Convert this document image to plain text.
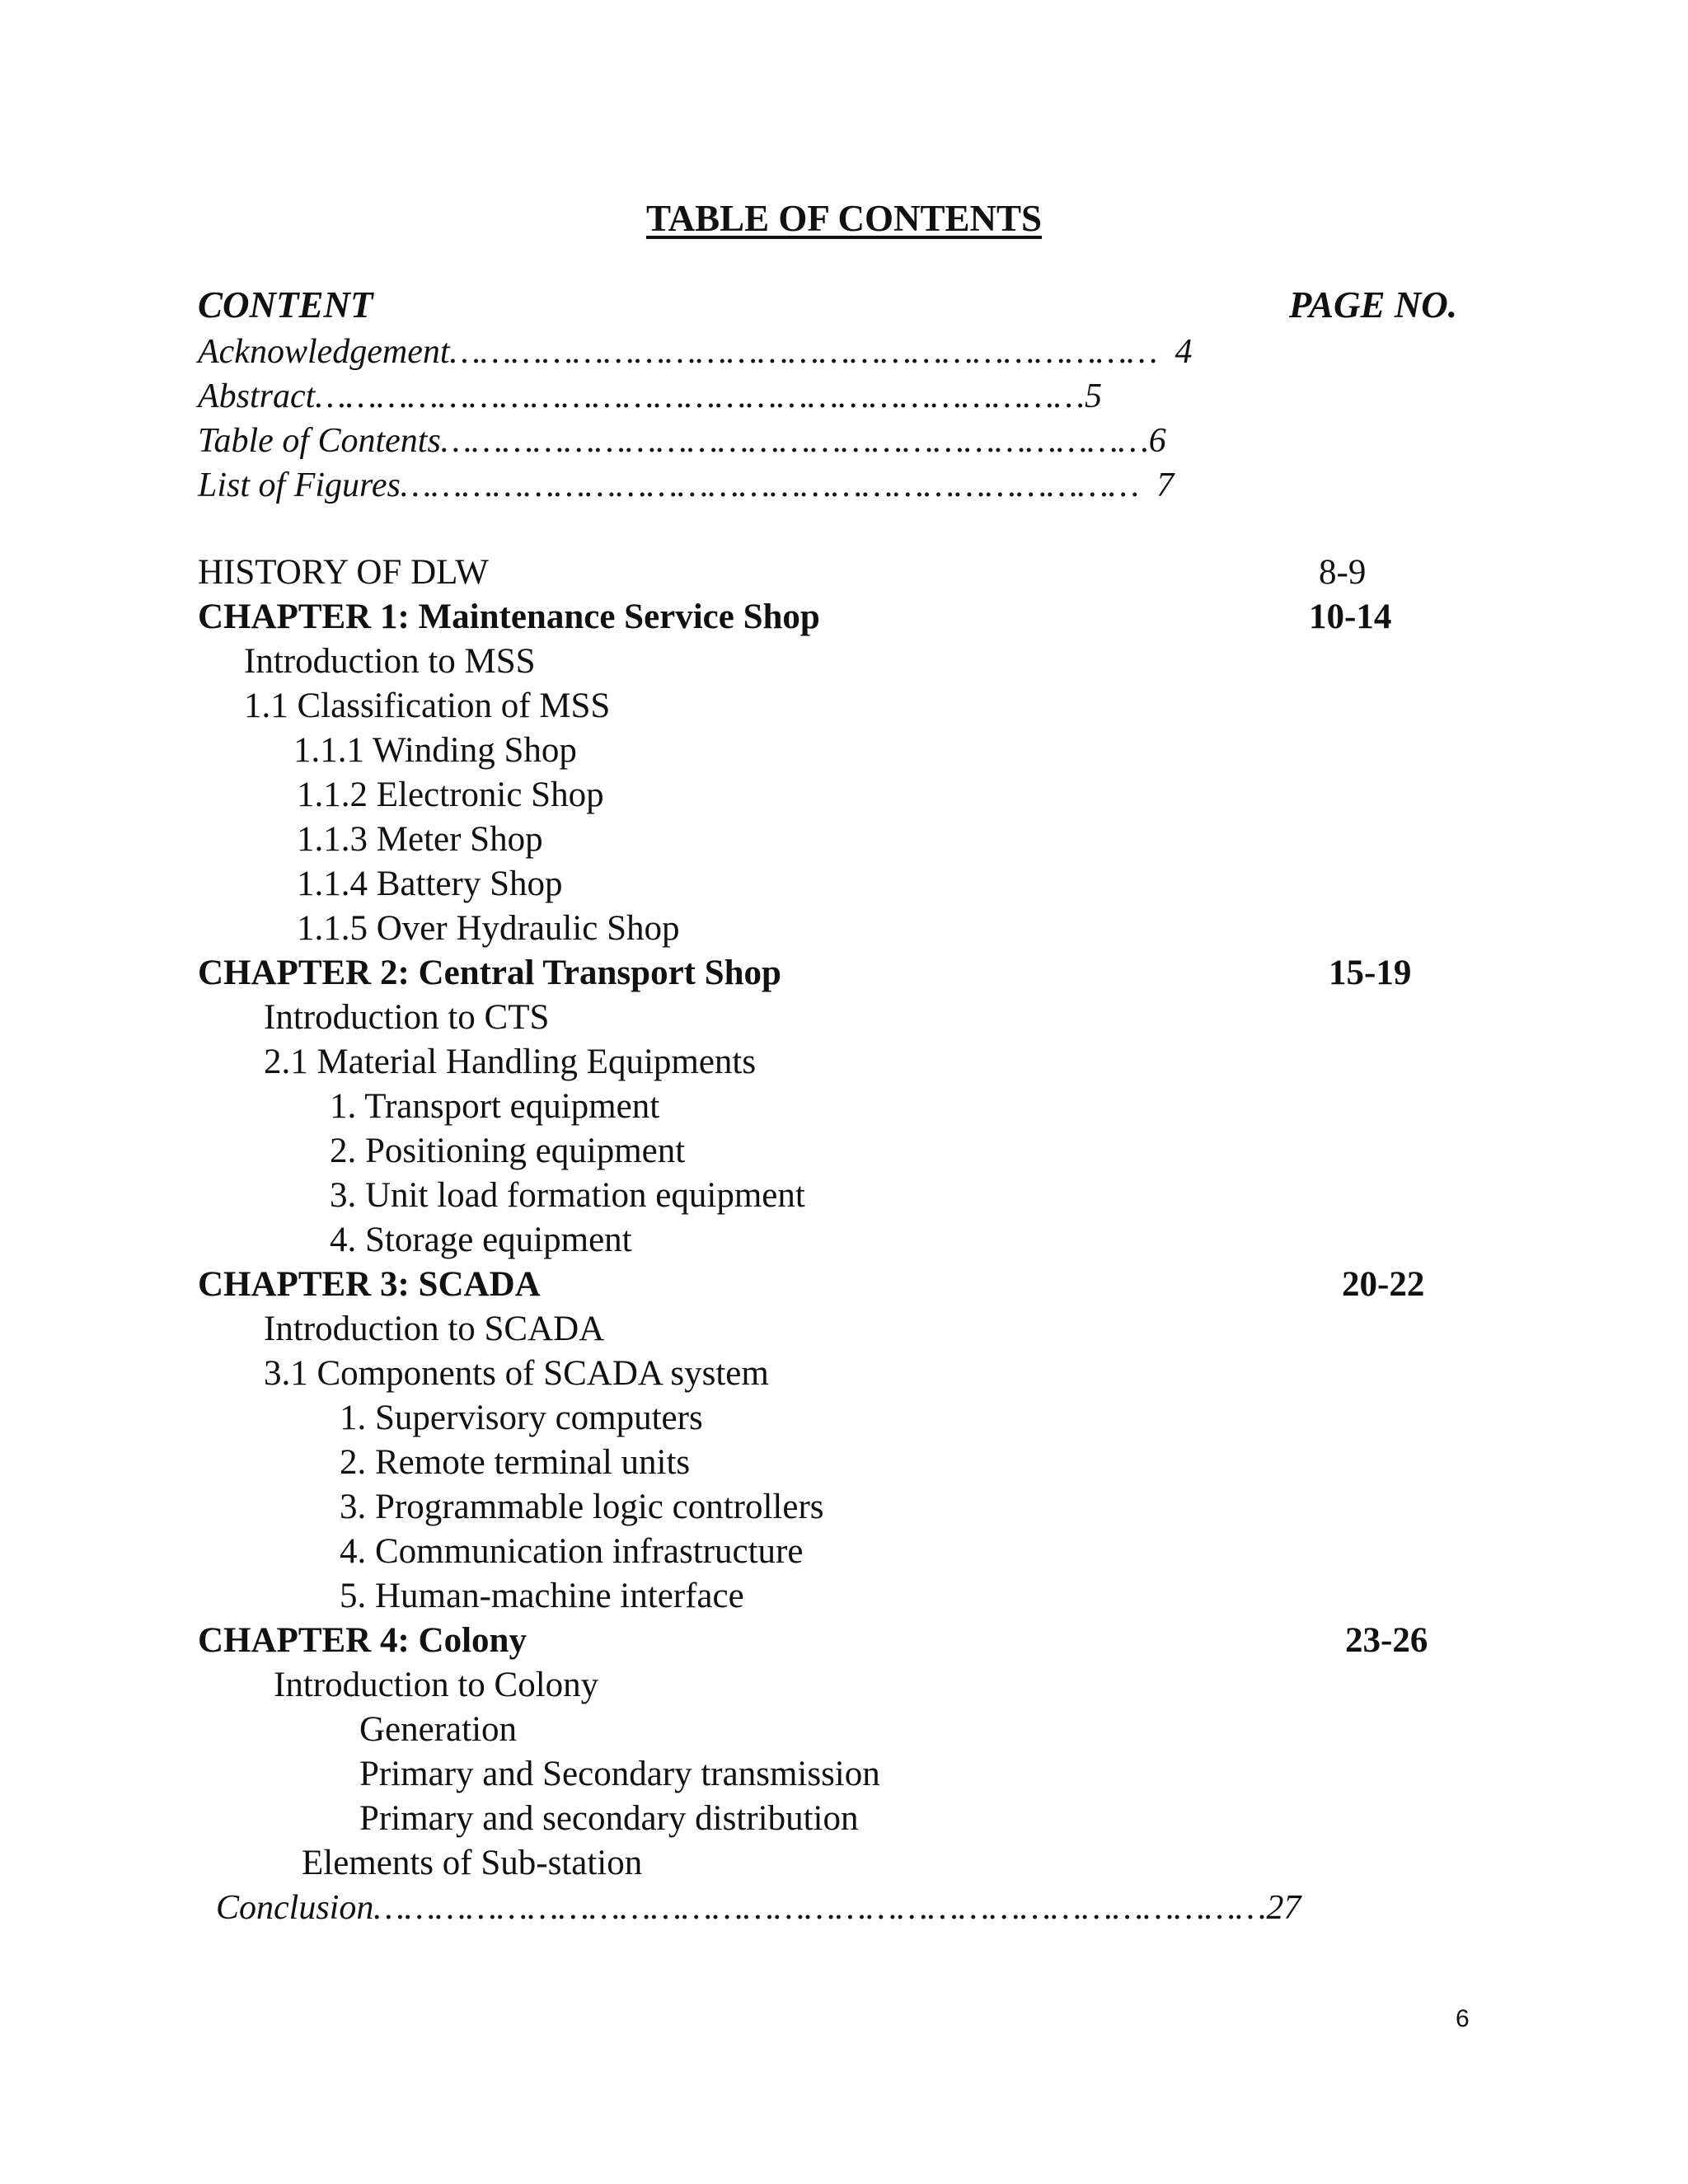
TABLE OF CONTENTS
CONTENT	PAGE NO.
Acknowledgement…………………………………………………………… 4
Abstract…………………………………………………………………5
Table of Contents……………………………………………………………6
List of Figures……………………………………………………………… 7
HISTORY OF DLW	8-9
CHAPTER 1: Maintenance Service Shop	10-14
Introduction to MSS
1.1 Classification of MSS
1.1.1 Winding Shop
1.1.2 Electronic Shop
1.1.3 Meter Shop
1.1.4 Battery Shop
1.1.5 Over Hydraulic Shop
CHAPTER 2: Central Transport Shop	15-19
Introduction to CTS
2.1 Material Handling Equipments
1. Transport equipment
2. Positioning equipment
3. Unit load formation equipment
4. Storage equipment
CHAPTER 3: SCADA	20-22
Introduction to SCADA
3.1 Components of SCADA system
1. Supervisory computers
2. Remote terminal units
3. Programmable logic controllers
4. Communication infrastructure
5. Human-machine interface
CHAPTER 4: Colony	23-26
Introduction to Colony
Generation
Primary and Secondary transmission
Primary and secondary distribution
Elements of Sub-station
Conclusion……………………………………………………………………………27
6
